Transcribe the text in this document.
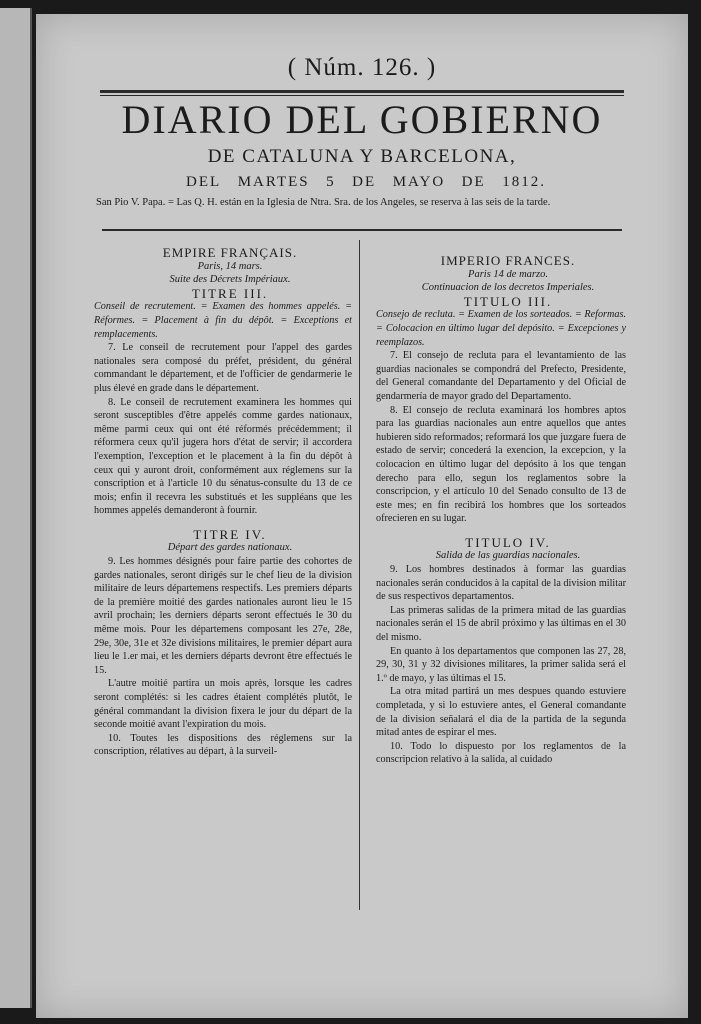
( Núm. 126. )
DIARIO DEL GOBIERNO
DE CATALUNA Y BARCELONA,
DEL MARTES 5 DE MAYO DE 1812.
San Pio V. Papa. = Las Q. H. están en la Iglesia de Ntra. Sra. de los Angeles, se reserva à las seis de la tarde.

EMPIRE FRANÇAIS.

Paris, 14 mars.

Suite des Décrets Impériaux.

TITRE III.

Conseil de recrutement. = Examen des hommes appelés. = Réformes. = Placement à fin du dépôt. = Exceptions et remplacements.

7. Le conseil de recrutement pour l'appel des gardes nationales sera composé du préfet, président, du général commandant le département, et de l'officier de gendarmerie le plus élevé en grade dans le département.

8. Le conseil de recrutement examinera les hommes qui seront susceptibles d'être appelés comme gardes nationaux, même parmi ceux qui ont été réformés précédemment; il réformera ceux qu'il jugera hors d'état de servir; il accordera l'exemption, l'exception et le placement à la fin du dépôt à ceux qui y auront droit, conformément aux réglemens sur la conscription et à l'article 10 du sénatus-consulte du 13 de ce mois; enfin il recevra les substitués et les suppléans que les hommes appelés demanderont à fournir.

TITRE IV.

Départ des gardes nationaux.

9. Les hommes désignés pour faire partie des cohortes de gardes nationales, seront dirigés sur le chef lieu de la division militaire de leurs départemens respectifs. Les premiers départs de la première moitié des gardes nationales auront lieu le 15 avril prochain; les derniers départs seront effectués le 30 du même mois. Pour les départemens composant les 27e, 28e, 29e, 30e, 31e et 32e divisions militaires, le premier départ aura lieu le 1.er mai, et les derniers départs devront être effectués le 15.

L'autre moitié partira un mois après, lorsque les cadres seront complétés: si les cadres étaient complétés plutôt, le général commandant la division fixera le jour du départ de la seconde moitié avant l'expiration du mois.

10. Toutes les dispositions des réglemens sur la conscription, rélatives au départ, à la surveil-

IMPERIO FRANCES.

Paris 14 de marzo.

Continuacion de los decretos Imperiales.

TITULO III.

Consejo de recluta. = Examen de los sorteados. = Reformas. = Colocacion en último lugar del depósito. = Excepciones y reemplazos.

7. El consejo de recluta para el levantamiento de las guardias nacionales se compondrá del Prefecto, Presidente, del General comandante del Departamento y del Oficial de gendarmería de mayor grado del Departamento.

8. El consejo de recluta examinará los hombres aptos para las guardias nacionales aun entre aquellos que antes hubieren sido reformados; reformará los que juzgare fuera de estado de servir; concederá la exencion, la excepcion, y la colocacion en último lugar del depósito à los que tengan derecho para ello, segun los reglamentos sobre la conscripcion, y el artículo 10 del Senado consulto de 13 de este mes; en fin recibirá los hombres que los sorteados ofrecieren en su lugar.

TITULO IV.

Salida de las guardias nacionales.

9. Los hombres destinados à formar las guardias nacionales serán conducidos à la capital de la division militar de sus respectivos departamentos.

Las primeras salidas de la primera mitad de las guardias nacionales serán el 15 de abril próximo y las últimas en el 30 del mismo.

En quanto à los departamentos que componen las 27, 28, 29, 30, 31 y 32 divisiones militares, la primer salida será el 1.º de mayo, y las últimas el 15.

La otra mitad partirá un mes despues quando estuviere completada, y si lo estuviere antes, el General comandante de la division señalará el dia de la partida de la segunda mitad antes de espirar el mes.

10. Todo lo dispuesto por los reglamentos de la conscripcion relativo à la salida, al cuidado
